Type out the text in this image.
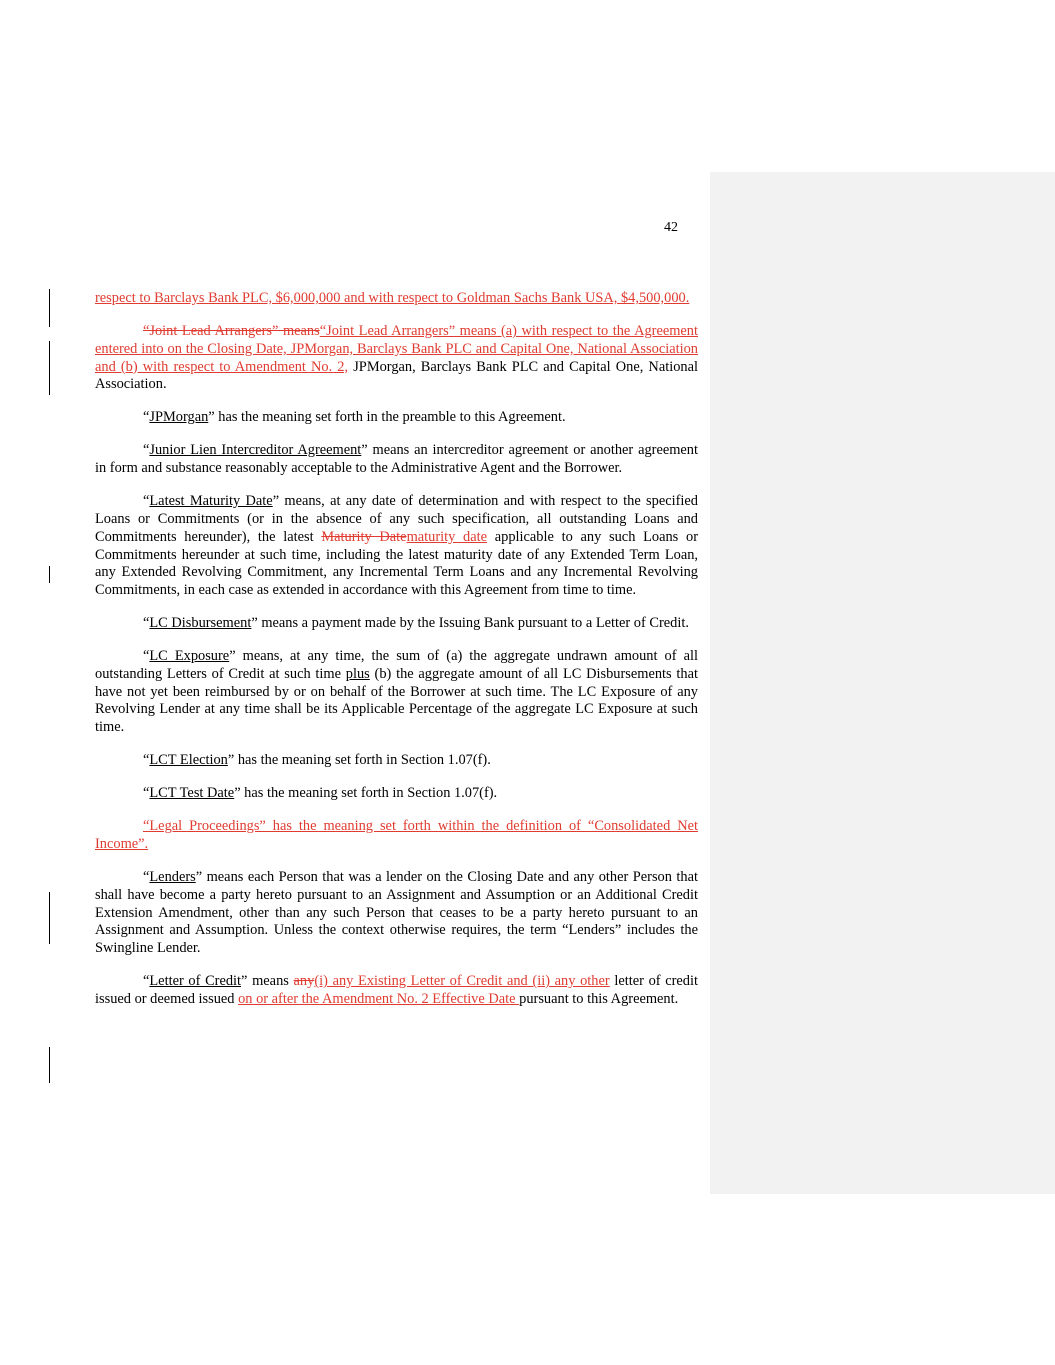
42

respect to Barclays Bank PLC, $6,000,000 and with respect to Goldman Sachs Bank USA, $4,500,000.

“Joint Lead Arrangers” means“Joint Lead Arrangers” means (a) with respect to the Agreement entered into on the Closing Date, JPMorgan, Barclays Bank PLC and Capital One, National Association and (b) with respect to Amendment No. 2, JPMorgan, Barclays Bank PLC and Capital One, National Association.

“JPMorgan” has the meaning set forth in the preamble to this Agreement.

“Junior Lien Intercreditor Agreement” means an intercreditor agreement or another agreement in form and substance reasonably acceptable to the Administrative Agent and the Borrower.

“Latest Maturity Date” means, at any date of determination and with respect to the specified Loans or Commitments (or in the absence of any such specification, all outstanding Loans and Commitments hereunder), the latest Maturity Datematurity date applicable to any such Loans or Commitments hereunder at such time, including the latest maturity date of any Extended Term Loan, any Extended Revolving Commitment, any Incremental Term Loans and any Incremental Revolving Commitments, in each case as extended in accordance with this Agreement from time to time.

“LC Disbursement” means a payment made by the Issuing Bank pursuant to a Letter of Credit.

“LC Exposure” means, at any time, the sum of (a) the aggregate undrawn amount of all outstanding Letters of Credit at such time plus (b) the aggregate amount of all LC Disbursements that have not yet been reimbursed by or on behalf of the Borrower at such time. The LC Exposure of any Revolving Lender at any time shall be its Applicable Percentage of the aggregate LC Exposure at such time.

“LCT Election” has the meaning set forth in Section 1.07(f).

“LCT Test Date” has the meaning set forth in Section 1.07(f).

“Legal Proceedings” has the meaning set forth within the definition of “Consolidated Net Income”.

“Lenders” means each Person that was a lender on the Closing Date and any other Person that shall have become a party hereto pursuant to an Assignment and Assumption or an Additional Credit Extension Amendment, other than any such Person that ceases to be a party hereto pursuant to an Assignment and Assumption. Unless the context otherwise requires, the term “Lenders” includes the Swingline Lender.

“Letter of Credit” means any(i) any Existing Letter of Credit and (ii) any other letter of credit issued or deemed issued on or after the Amendment No. 2 Effective Date pursuant to this Agreement.
